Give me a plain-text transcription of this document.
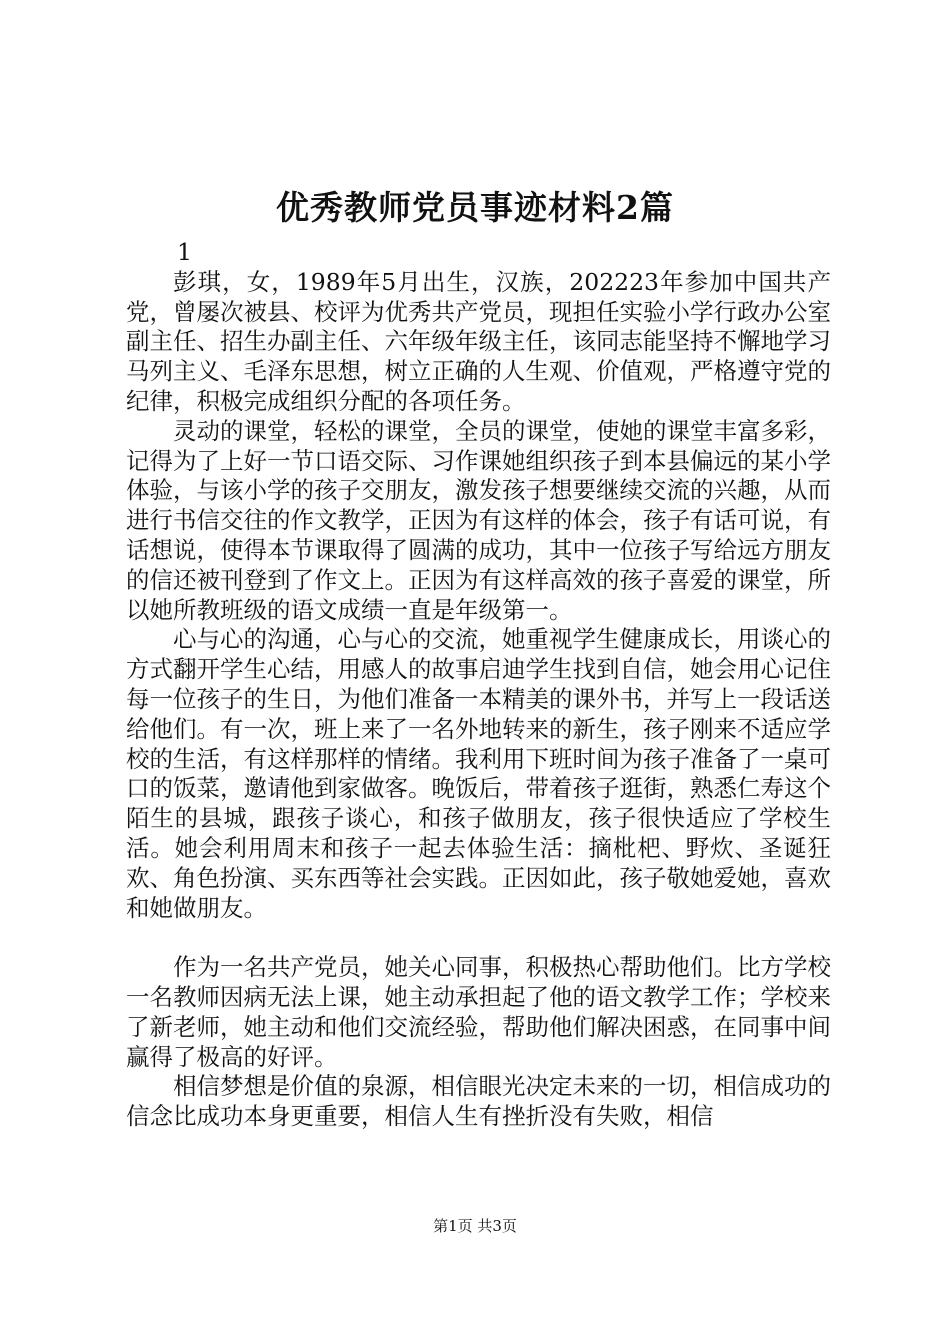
优秀教师党员事迹材料2篇
1

彭琪，女，1989年5月出生，汉族，202223年参加中国共产党，曾屡次被县、校评为优秀共产党员，现担任实验小学行政办公室副主任、招生办副主任、六年级年级主任，该同志能坚持不懈地学习马列主义、毛泽东思想，树立正确的人生观、价值观，严格遵守党的纪律，积极完成组织分配的各项任务。

灵动的课堂，轻松的课堂，全员的课堂，使她的课堂丰富多彩，记得为了上好一节口语交际、习作课她组织孩子到本县偏远的某小学体验，与该小学的孩子交朋友，激发孩子想要继续交流的兴趣，从而进行书信交往的作文教学，正因为有这样的体会，孩子有话可说，有话想说，使得本节课取得了圆满的成功，其中一位孩子写给远方朋友的信还被刊登到了作文上。正因为有这样高效的孩子喜爱的课堂，所以她所教班级的语文成绩一直是年级第一。

心与心的沟通，心与心的交流，她重视学生健康成长，用谈心的方式翻开学生心结，用感人的故事启迪学生找到自信，她会用心记住每一位孩子的生日，为他们准备一本精美的课外书，并写上一段话送给他们。有一次，班上来了一名外地转来的新生，孩子刚来不适应学校的生活，有这样那样的情绪。我利用下班时间为孩子准备了一桌可口的饭菜，邀请他到家做客。晚饭后，带着孩子逛街，熟悉仁寿这个陌生的县城，跟孩子谈心，和孩子做朋友，孩子很快适应了学校生活。她会利用周末和孩子一起去体验生活：摘枇杷、野炊、圣诞狂欢、角色扮演、买东西等社会实践。正因如此，孩子敬她爱她，喜欢和她做朋友。

作为一名共产党员，她关心同事，积极热心帮助他们。比方学校一名教师因病无法上课，她主动承担起了他的语文教学工作；学校来了新老师，她主动和他们交流经验，帮助他们解决困惑，在同事中间赢得了极高的好评。

相信梦想是价值的泉源，相信眼光决定未来的一切，相信成功的信念比成功本身更重要，相信人生有挫折没有失败，相信

第1页 共3页
